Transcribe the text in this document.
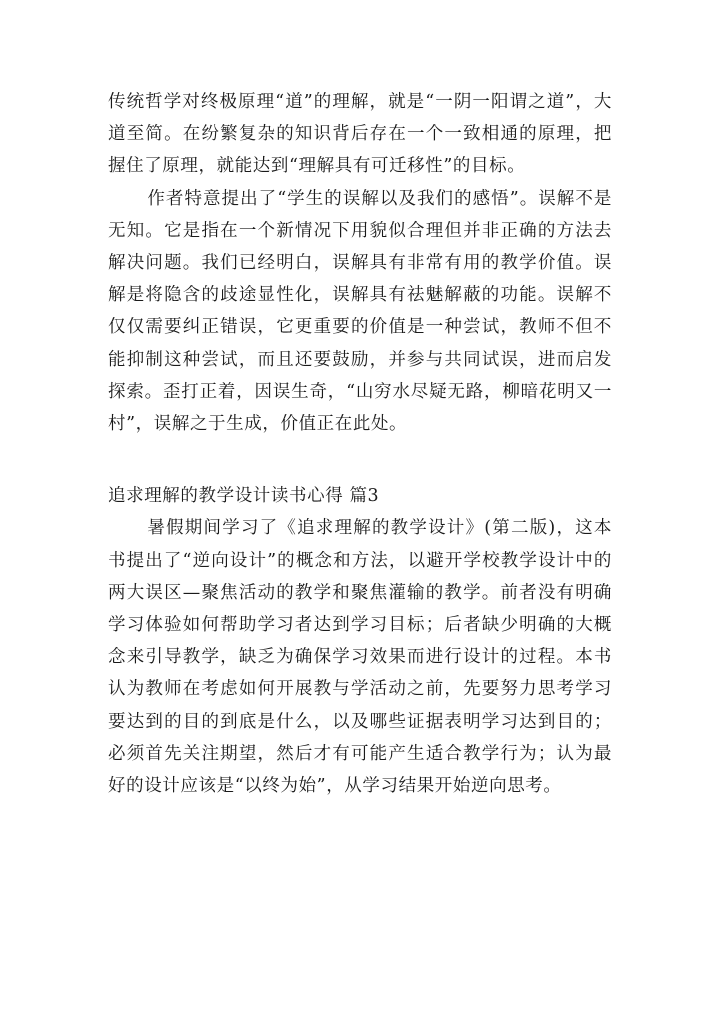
传统哲学对终极原理“道”的理解，就是“一阴一阳谓之道”，大道至简。在纷繁复杂的知识背后存在一个一致相通的原理，把握住了原理，就能达到“理解具有可迁移性”的目标。

作者特意提出了“学生的误解以及我们的感悟”。误解不是无知。它是指在一个新情况下用貌似合理但并非正确的方法去解决问题。我们已经明白，误解具有非常有用的教学价值。误解是将隐含的歧途显性化，误解具有祛魅解蔽的功能。误解不仅仅需要纠正错误，它更重要的价值是一种尝试，教师不但不能抑制这种尝试，而且还要鼓励，并参与共同试误，进而启发探索。歪打正着，因误生奇，“山穷水尽疑无路，柳暗花明又一村”，误解之于生成，价值正在此处。

追求理解的教学设计读书心得 篇3

暑假期间学习了《追求理解的教学设计》(第二版)，这本书提出了“逆向设计”的概念和方法，以避开学校教学设计中的两大误区—聚焦活动的教学和聚焦灌输的教学。前者没有明确学习体验如何帮助学习者达到学习目标；后者缺少明确的大概念来引导教学，缺乏为确保学习效果而进行设计的过程。本书认为教师在考虑如何开展教与学活动之前，先要努力思考学习要达到的目的到底是什么，以及哪些证据表明学习达到目的；必须首先关注期望，然后才有可能产生适合教学行为；认为最好的设计应该是“以终为始”，从学习结果开始逆向思考。
